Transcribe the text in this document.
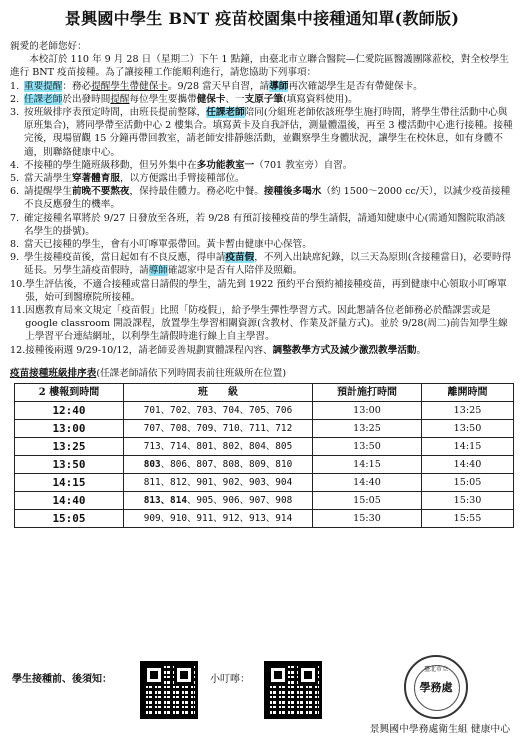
景興國中學生 BNT 疫苗校園集中接種通知單(教師版)
親愛的老師您好：
本校訂於 110 年 9 月 28 日（星期二）下午 1 點鐘，由臺北市立聯合醫院—仁愛院區醫護團隊蒞校，對全校學生進行 BNT 疫苗接種。為了讓接種工作能順利進行，請您協助下列事項：
1. 重要提醒：務必提醒學生帶健保卡。9/28 當天早自習，請導師再次確認學生是否有帶健保卡。
2. 任課老師於出發時間提醒每位學生要攜帶健保卡、一支原子筆(填寫資料使用)。
3. 按班級排序表預定時間，由班長提前整隊，任課老師陪同(分組班老師依該班學生施打時間，將學生帶往活動中心與原班集合)，將同學帶至活動中心 2 樓集合。填寫黃卡及自我評估，測量體溫後，再至 3 樓活動中心進行接種。接種完後，現場留觀 15 分鐘再帶回教室，請老師安排靜態活動，並觀察學生身體狀況，讓學生在校休息，如有身體不適，則聯絡健康中心。
4. 不接種的學生隨班級移動，但另外集中在多功能教室一（701 教室旁）自習。
5. 當天請學生穿著體育服，以方便露出手臂接種部位。
6. 請提醒學生前晚不要熬夜，保持最佳體力。務必吃中餐。接種後多喝水（約 1500～2000 cc/天），以減少疫苗接種不良反應發生的機率。
7. 確定接種名單將於 9/27 日發放至各班，若 9/28 有預訂接種疫苗的學生請假，請通知健康中心(需通知醫院取消該名學生的掛號)。
8. 當天已接種的學生，會有小叮嚀單張帶回。黃卡暫由健康中心保管。
9. 學生接種疫苗後，當日起如有不良反應，得申請疫苗假，不列入出缺席紀錄，以三天為原則(含接種當日)，必要時得延長。另學生請疫苗假時，請導師確認家中是否有人陪伴及照顧。
10. 學生評估後，不適合接種或當日請假的學生，請先到 1922 預約平台預約補接種疫苗，再到健康中心領取小叮嚀單張，始可到醫療院所接種。
11. 因應教育局來文規定「疫苗假」比照「防疫假」，給予學生彈性學習方式。因此懇請各位老師務必於酷課雲或是 google classroom 開設課程，放置學生學習相關資源(含教材、作業及評量方式)。並於 9/28(周二)前告知學生線上學習平台連結網址，以利學生請假時進行線上自主學習。
12. 接種後兩週 9/29-10/12，請老師妥善規劃實體課程內容、調整教學方式及減少激烈教學活動。
疫苗接種班級排序表(任課老師請依下列時間表前往班級所在位置)
2 樓報到時間	班　　級	預計施打時間	離開時間
12:40	701、702、703、704、705、706	13:00	13:25
13:00	707、708、709、710、711、712	13:25	13:50
13:25	713、714、801、802、804、805	13:50	14:15
13:50	803、806、807、808、809、810	14:15	14:40
14:15	811、812、901、902、903、904	14:40	15:05
14:40	813、814、905、906、907、908	15:05	15:30
15:05	909、910、911、912、913、914	15:30	15:55
學生接種前、後須知：	小叮嚀：
臺北市立
學務處
景興國中學務處衛生組 健康中心
